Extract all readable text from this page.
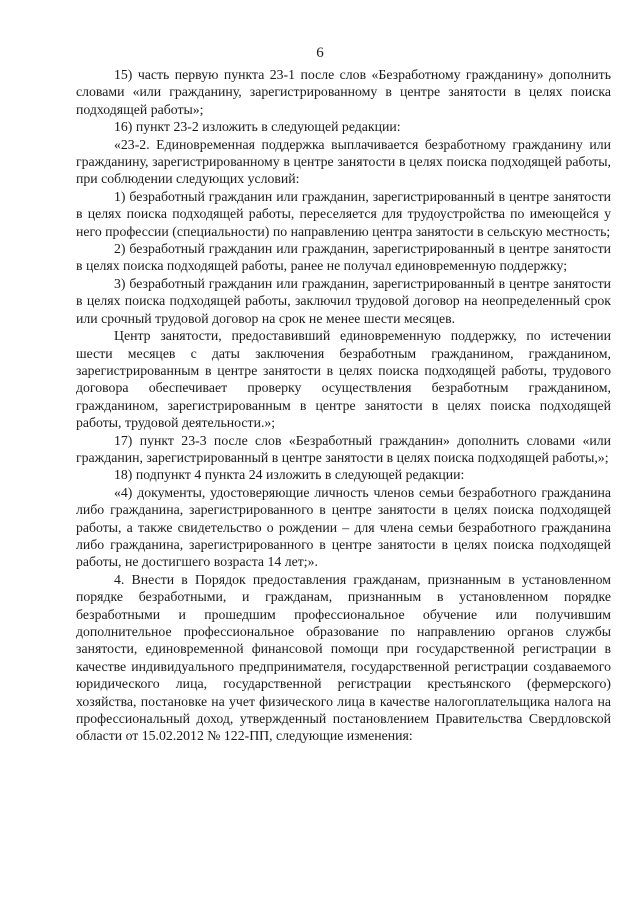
6

15) часть первую пункта 23-1 после слов «Безработному гражданину» дополнить словами «или гражданину, зарегистрированному в центре занятости в целях поиска подходящей работы»;

16) пункт 23-2 изложить в следующей редакции:

«23-2. Единовременная поддержка выплачивается безработному гражданину или гражданину, зарегистрированному в центре занятости в целях поиска подходящей работы, при соблюдении следующих условий:

1) безработный гражданин или гражданин, зарегистрированный в центре занятости в целях поиска подходящей работы, переселяется для трудоустройства по имеющейся у него профессии (специальности) по направлению центра занятости в сельскую местность;

2) безработный гражданин или гражданин, зарегистрированный в центре занятости в целях поиска подходящей работы, ранее не получал единовременную поддержку;

3) безработный гражданин или гражданин, зарегистрированный в центре занятости в целях поиска подходящей работы, заключил трудовой договор на неопределенный срок или срочный трудовой договор на срок не менее шести месяцев.

Центр занятости, предоставивший единовременную поддержку, по истечении шести месяцев с даты заключения безработным гражданином, гражданином, зарегистрированным в центре занятости в целях поиска подходящей работы, трудового договора обеспечивает проверку осуществления безработным гражданином, гражданином, зарегистрированным в центре занятости в целях поиска подходящей работы, трудовой деятельности.»;

17) пункт 23-3 после слов «Безработный гражданин» дополнить словами «или гражданин, зарегистрированный в центре занятости в целях поиска подходящей работы,»;

18) подпункт 4 пункта 24 изложить в следующей редакции:

«4) документы, удостоверяющие личность членов семьи безработного гражданина либо гражданина, зарегистрированного в центре занятости в целях поиска подходящей работы, а также свидетельство о рождении – для члена семьи безработного гражданина либо гражданина, зарегистрированного в центре занятости в целях поиска подходящей работы, не достигшего возраста 14 лет;».

4. Внести в Порядок предоставления гражданам, признанным в установленном порядке безработными, и гражданам, признанным в установленном порядке безработными и прошедшим профессиональное обучение или получившим дополнительное профессиональное образование по направлению органов службы занятости, единовременной финансовой помощи при государственной регистрации в качестве индивидуального предпринимателя, государственной регистрации создаваемого юридического лица, государственной регистрации крестьянского (фермерского) хозяйства, постановке на учет физического лица в качестве налогоплательщика налога на профессиональный доход, утвержденный постановлением Правительства Свердловской области от 15.02.2012 № 122-ПП, следующие изменения:
